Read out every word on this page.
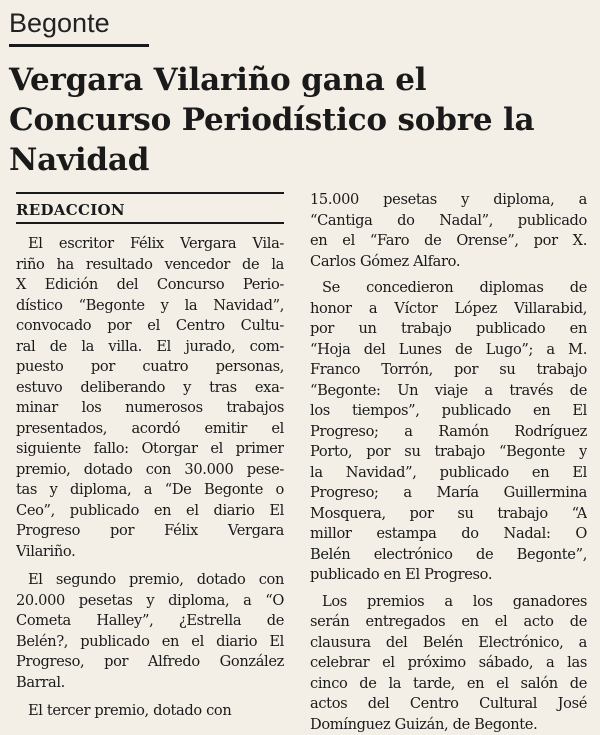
Begonte
Vergara Vilariño gana el
Concurso Periodístico sobre la
Navidad
REDACCION
El escritor Félix Vergara Vila-
riño ha resultado vencedor de la
X Edición del Concurso Perio-
dístico “Begonte y la Navidad”,
convocado por el Centro Cultu-
ral de la villa. El jurado, com-
puesto por cuatro personas,
estuvo deliberando y tras exa-
minar los numerosos trabajos
presentados, acordó emitir el
siguiente fallo: Otorgar el primer
premio, dotado con 30.000 pese-
tas y diploma, a “De Begonte o
Ceo”, publicado en el diario El
Progreso por Félix Vergara
Vilariño.
El segundo premio, dotado con
20.000 pesetas y diploma, a “O
Cometa Halley”, ¿Estrella de
Belén?, publicado en el diario El
Progreso, por Alfredo González
Barral.
El tercer premio, dotado con
15.000 pesetas y diploma, a
“Cantiga do Nadal”, publicado
en el “Faro de Orense”, por X.
Carlos Gómez Alfaro.
Se concedieron diplomas de
honor a Víctor López Villarabid,
por un trabajo publicado en
“Hoja del Lunes de Lugo”; a M.
Franco Torrón, por su trabajo
“Begonte: Un viaje a través de
los tiempos”, publicado en El
Progreso; a Ramón Rodríguez
Porto, por su trabajo “Begonte y
la Navidad”, publicado en El
Progreso; a María Guillermina
Mosquera, por su trabajo “A
millor estampa do Nadal: O
Belén electrónico de Begonte”,
publicado en El Progreso.
Los premios a los ganadores
serán entregados en el acto de
clausura del Belén Electrónico, a
celebrar el próximo sábado, a las
cinco de la tarde, en el salón de
actos del Centro Cultural José
Domínguez Guizán, de Begonte.
